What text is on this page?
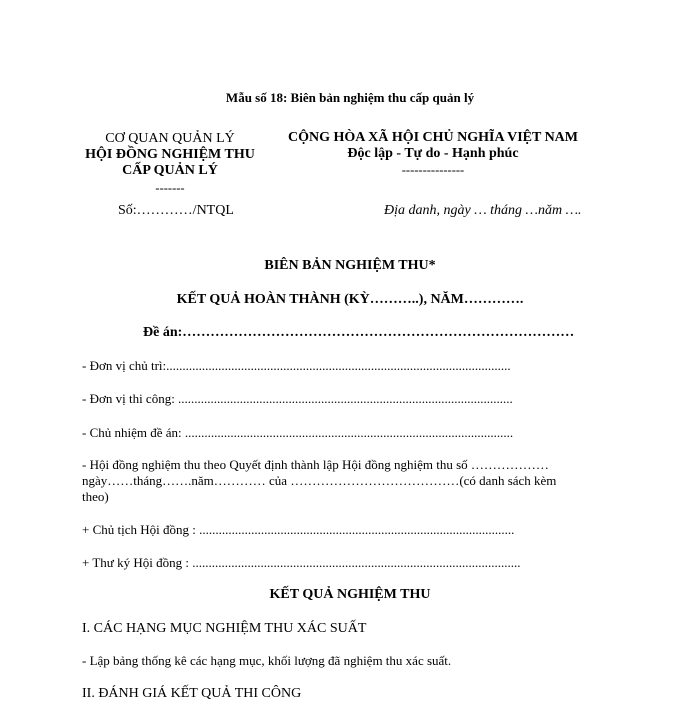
Mẫu số 18: Biên bản nghiệm thu cấp quản lý
CƠ QUAN QUẢN LÝ
HỘI ĐỒNG NGHIỆM THU
CẤP QUẢN LÝ
-------
Số:…………/NTQL
CỘNG HÒA XÃ HỘI CHỦ NGHĨA VIỆT NAM
Độc lập - Tự do - Hạnh phúc
---------------
Địa danh, ngày … tháng …năm ….
BIÊN BẢN NGHIỆM THU*
KẾT QUẢ HOÀN THÀNH (KỲ………..), NĂM………….
Đề án:…………………………………………………………………………
- Đơn vị chủ trì:..........................................................................................................
- Đơn vị thi công: .......................................................................................................
- Chủ nhiệm đề án: .....................................................................................................
- Hội đồng nghiệm thu theo Quyết định thành lập Hội đồng nghiệm thu số ………………
ngày……tháng…….năm………… của …………………………………(có danh sách kèm
theo)
+ Chủ tịch Hội đồng : .................................................................................................
+ Thư ký Hội đồng : .....................................................................................................
KẾT QUẢ NGHIỆM THU
I. CÁC HẠNG MỤC NGHIỆM THU XÁC SUẤT
- Lập bảng thống kê các hạng mục, khối lượng đã nghiệm thu xác suất.
II. ĐÁNH GIÁ KẾT QUẢ THI CÔNG
